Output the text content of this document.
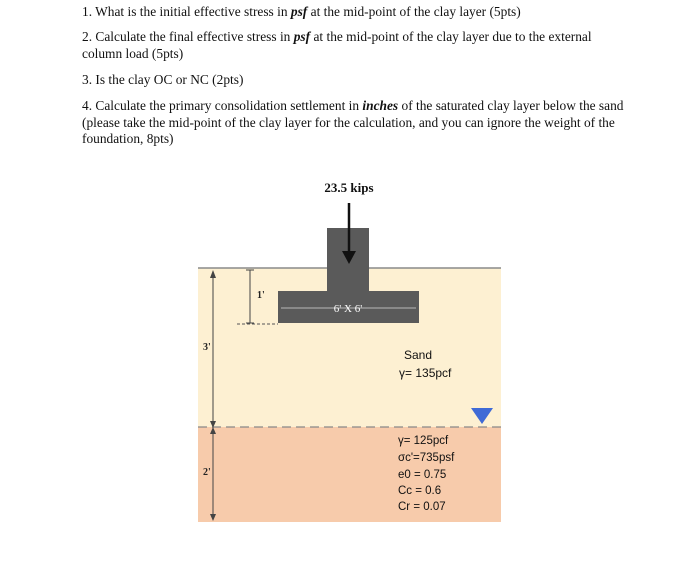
1. What is the initial effective stress in psf at the mid-point of the clay layer (5pts)

2. Calculate the final effective stress in psf at the mid-point of the clay layer due to the external column load (5pts)

3. Is the clay OC or NC (2pts)

4. Calculate the primary consolidation settlement in inches of the saturated clay layer below the sand (please take the mid-point of the clay layer for the calculation, and you can ignore the weight of the foundation, 8pts)

6' X 6'
23.5 kips
1'
3'
2'
Sand
γ= 135pcf
γ= 125pcf
σc'=735psf
e0 = 0.75
Cc = 0.6
Cr = 0.07
